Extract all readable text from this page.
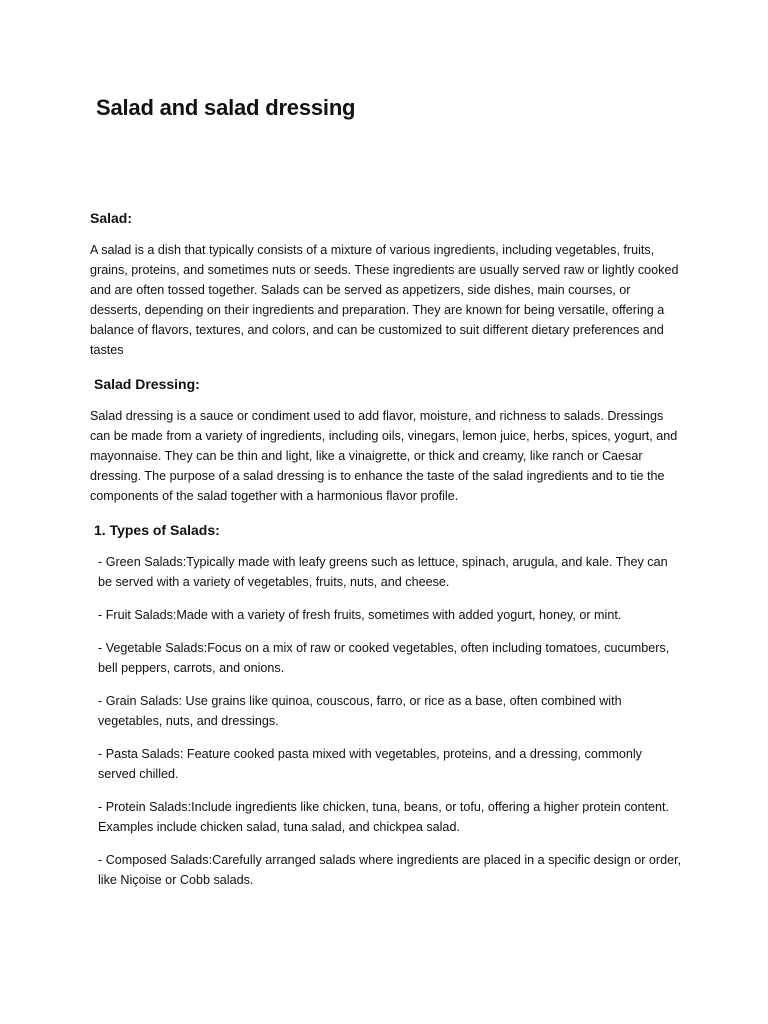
Salad and salad dressing
Salad:
A salad is a dish that typically consists of a mixture of various ingredients, including vegetables, fruits, grains, proteins, and sometimes nuts or seeds. These ingredients are usually served raw or lightly cooked and are often tossed together. Salads can be served as appetizers, side dishes, main courses, or desserts, depending on their ingredients and preparation. They are known for being versatile, offering a balance of flavors, textures, and colors, and can be customized to suit different dietary preferences and tastes
Salad Dressing:
Salad dressing is a sauce or condiment used to add flavor, moisture, and richness to salads. Dressings can be made from a variety of ingredients, including oils, vinegars, lemon juice, herbs, spices, yogurt, and mayonnaise. They can be thin and light, like a vinaigrette, or thick and creamy, like ranch or Caesar dressing. The purpose of a salad dressing is to enhance the taste of the salad ingredients and to tie the components of the salad together with a harmonious flavor profile.
1. Types of Salads:
- Green Salads:Typically made with leafy greens such as lettuce, spinach, arugula, and kale. They can be served with a variety of vegetables, fruits, nuts, and cheese.
- Fruit Salads:Made with a variety of fresh fruits, sometimes with added yogurt, honey, or mint.
- Vegetable Salads:Focus on a mix of raw or cooked vegetables, often including tomatoes, cucumbers, bell peppers, carrots, and onions.
- Grain Salads: Use grains like quinoa, couscous, farro, or rice as a base, often combined with vegetables, nuts, and dressings.
- Pasta Salads: Feature cooked pasta mixed with vegetables, proteins, and a dressing, commonly served chilled.
- Protein Salads:Include ingredients like chicken, tuna, beans, or tofu, offering a higher protein content. Examples include chicken salad, tuna salad, and chickpea salad.
- Composed Salads:Carefully arranged salads where ingredients are placed in a specific design or order, like Niçoise or Cobb salads.
